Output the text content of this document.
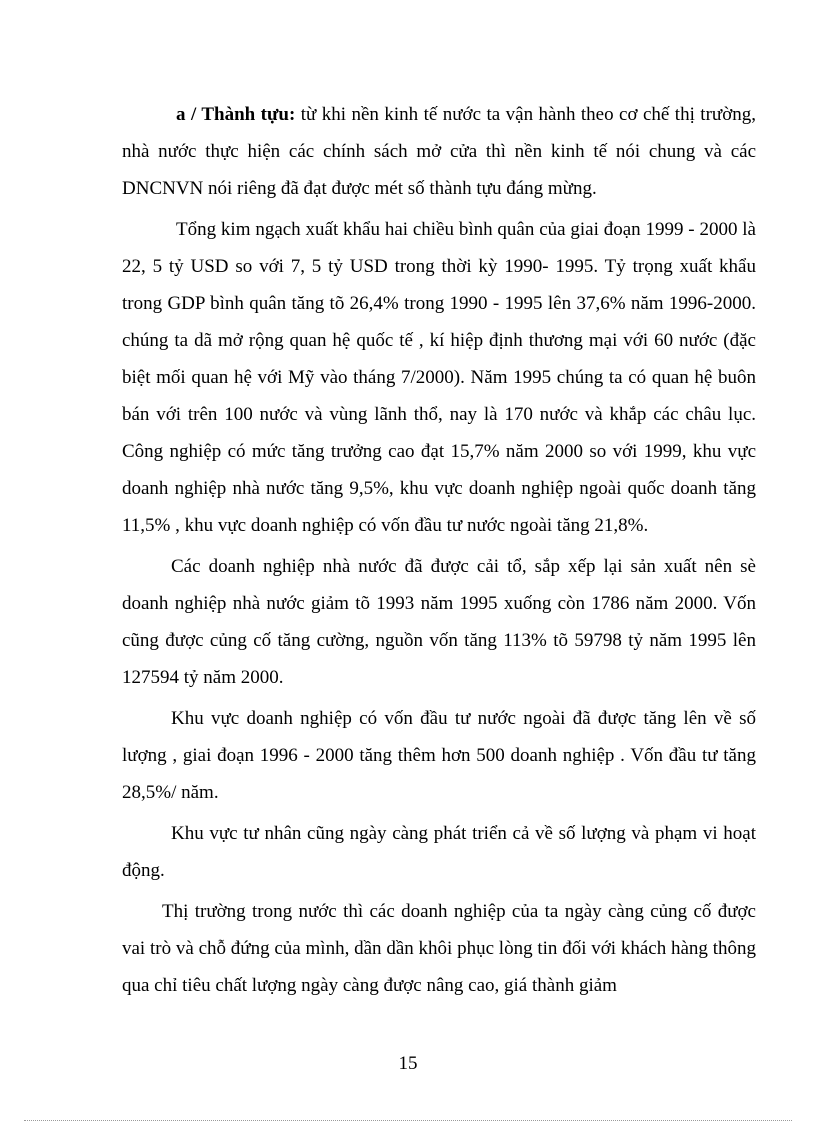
a / Thành tựu: từ khi nền kinh tế nước ta vận hành theo cơ chế thị trường, nhà nước thực hiện các chính sách mở cửa thì nền kinh tế nói chung và các DNCNVN nói riêng đã đạt được mét số thành tựu đáng mừng.

Tổng kim ngạch xuất khẩu hai chiều bình quân của giai đoạn 1999 - 2000 là 22, 5 tỷ USD so với 7, 5 tỷ USD trong thời kỳ 1990- 1995. Tỷ trọng xuất khẩu trong GDP bình quân tăng tõ 26,4% trong 1990 - 1995 lên 37,6% năm 1996-2000. chúng ta dã mở rộng quan hệ quốc tế , kí hiệp định thương mại với 60 nước (đặc biệt mối quan hệ với Mỹ vào tháng 7/2000). Năm 1995 chúng ta có quan hệ buôn bán với trên 100 nước và vùng lãnh thổ, nay là 170 nước và khắp các châu lục. Công nghiệp có mức tăng trưởng cao đạt 15,7% năm 2000 so với 1999, khu vực doanh nghiệp nhà nước tăng 9,5%, khu vực doanh nghiệp ngoài quốc doanh tăng 11,5% , khu vực doanh nghiệp có vốn đầu tư nước ngoài tăng 21,8%.

Các doanh nghiệp nhà nước đã được cải tổ, sắp xếp lại sản xuất nên sè doanh nghiệp nhà nước giảm tõ 1993 năm 1995 xuống còn 1786 năm 2000. Vốn cũng được củng cố tăng cường, nguồn vốn tăng 113% tõ 59798 tỷ năm 1995 lên 127594 tỷ năm 2000.

Khu vực doanh nghiệp có vốn đầu tư nước ngoài đã được tăng lên về số lượng , giai đoạn 1996 - 2000 tăng thêm hơn 500 doanh nghiệp . Vốn đầu tư tăng 28,5%/ năm.

Khu vực tư nhân cũng ngày càng phát triển cả về số lượng và phạm vi hoạt động.

Thị trường trong nước thì các doanh nghiệp của ta ngày càng củng cố được vai trò và chỗ đứng của mình, dần dần khôi phục lòng tin đối với khách hàng thông qua chỉ tiêu chất lượng ngày càng được nâng cao, giá thành giảm

15
